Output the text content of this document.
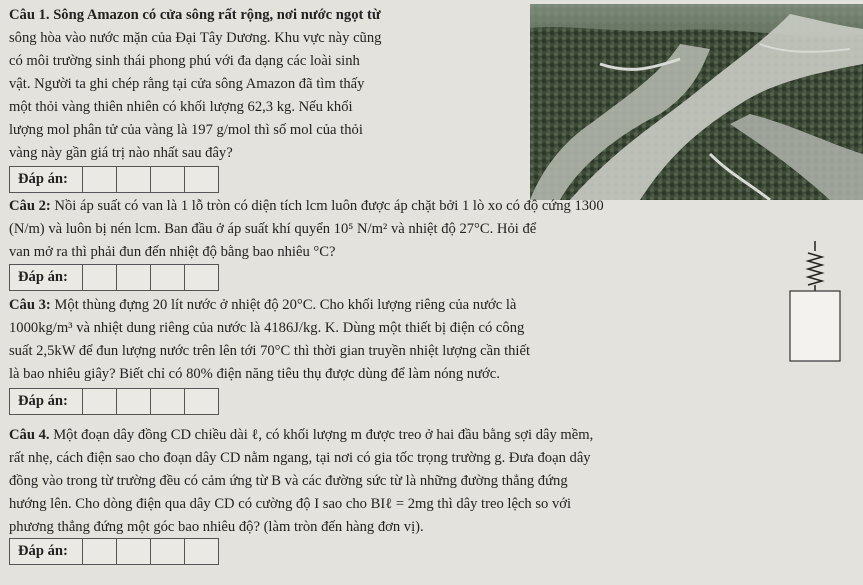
Câu 1. Sông Amazon có cửa sông rất rộng, nơi nước ngọt từ
sông hòa vào nước mặn của Đại Tây Dương. Khu vực này cũng
có môi trường sinh thái phong phú với đa dạng các loài sinh
vật. Người ta ghi chép rằng tại cửa sông Amazon đã tìm thấy
một thỏi vàng thiên nhiên có khối lượng 62,3 kg. Nếu khối
lượng mol phân tử của vàng là 197 g/mol thì số mol của thỏi
vàng này gần giá trị nào nhất sau đây?
Đáp án:
Câu 2: Nồi áp suất có van là 1 lỗ tròn có diện tích lcm luôn được áp chặt bởi 1 lò xo có độ cứng 1300
(N/m) và luôn bị nén lcm. Ban đầu ở áp suất khí quyển 10⁵ N/m² và nhiệt độ 27°C. Hỏi để
van mở ra thì phải đun đến nhiệt độ bằng bao nhiêu °C?
Đáp án:
Câu 3: Một thùng đựng 20 lít nước ở nhiệt độ 20°C. Cho khối lượng riêng của nước là
1000kg/m³ và nhiệt dung riêng của nước là 4186J/kg. K. Dùng một thiết bị điện có công
suất 2,5kW để đun lượng nước trên lên tới 70°C thì thời gian truyền nhiệt lượng cần thiết
là bao nhiêu giây? Biết chỉ có 80% điện năng tiêu thụ được dùng để làm nóng nước.
Đáp án:
Câu 4. Một đoạn dây đồng CD chiều dài ℓ, có khối lượng m được treo ở hai đầu bằng sợi dây mềm,
rất nhẹ, cách điện sao cho đoạn dây CD nằm ngang, tại nơi có gia tốc trọng trường g. Đưa đoạn dây
đồng vào trong từ trường đều có cảm ứng từ B và các đường sức từ là những đường thẳng đứng
hướng lên. Cho dòng điện qua dây CD có cường độ I sao cho BIℓ = 2mg thì dây treo lệch so với
phương thẳng đứng một góc bao nhiêu độ? (làm tròn đến hàng đơn vị).
Đáp án:
